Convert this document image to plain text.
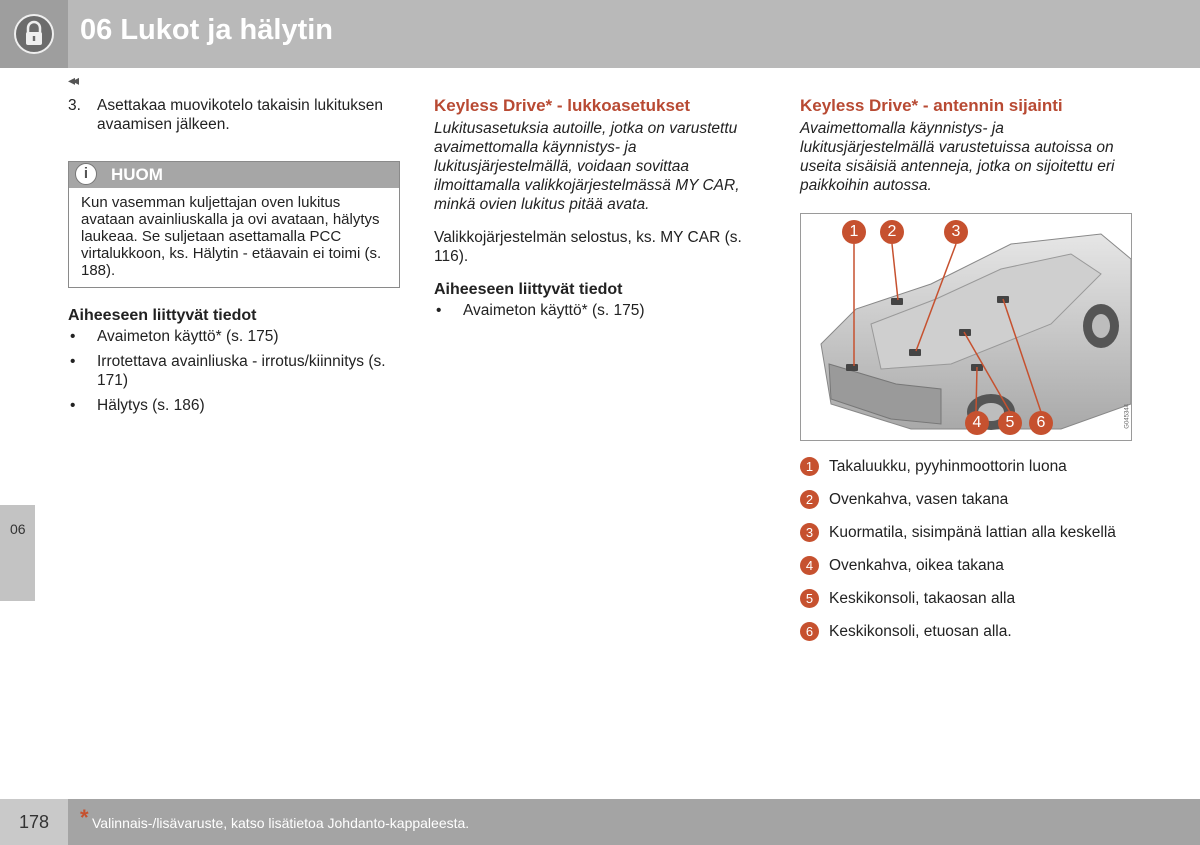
06 Lukot ja hälytin
◂◂
06
3.	Asettakaa muovikotelo takaisin lukituksen avaamisen jälkeen.
i	HUOM
Kun vasemman kuljettajan oven lukitus avataan avainliuskalla ja ovi avataan, hälytys laukeaa. Se suljetaan asettamalla PCC virtalukkoon, ks. Hälytin - etäavain ei toimi (s. 188).
Aiheeseen liittyvät tiedot
• Avaimeton käyttö* (s. 175)
• Irrotettava avainliuska - irrotus/kiinnitys (s. 171)
• Hälytys (s. 186)
Keyless Drive* - lukkoasetukset
Lukitusasetuksia autoille, jotka on varustettu avaimettomalla käynnistys- ja lukitusjärjestelmällä, voidaan sovittaa ilmoittamalla valikkojärjestelmässä MY CAR, minkä ovien lukitus pitää avata.
Valikkojärjestelmän selostus, ks. MY CAR (s. 116).
Aiheeseen liittyvät tiedot
• Avaimeton käyttö* (s. 175)
Keyless Drive* - antennin sijainti
Avaimettomalla käynnistys- ja lukitusjärjestelmällä varustetuissa autoissa on useita sisäisiä antenneja, jotka on sijoitettu eri paikkoihin autossa.
1	2	3
4	5	6	G045344
1	Takaluukku, pyyhinmoottorin luona
2	Ovenkahva, vasen takana
3	Kuormatila, sisimpänä lattian alla keskellä
4	Ovenkahva, oikea takana
5	Keskikonsoli, takaosan alla
6	Keskikonsoli, etuosan alla.
178	* Valinnais-/lisävaruste, katso lisätietoa Johdanto-kappaleesta.
